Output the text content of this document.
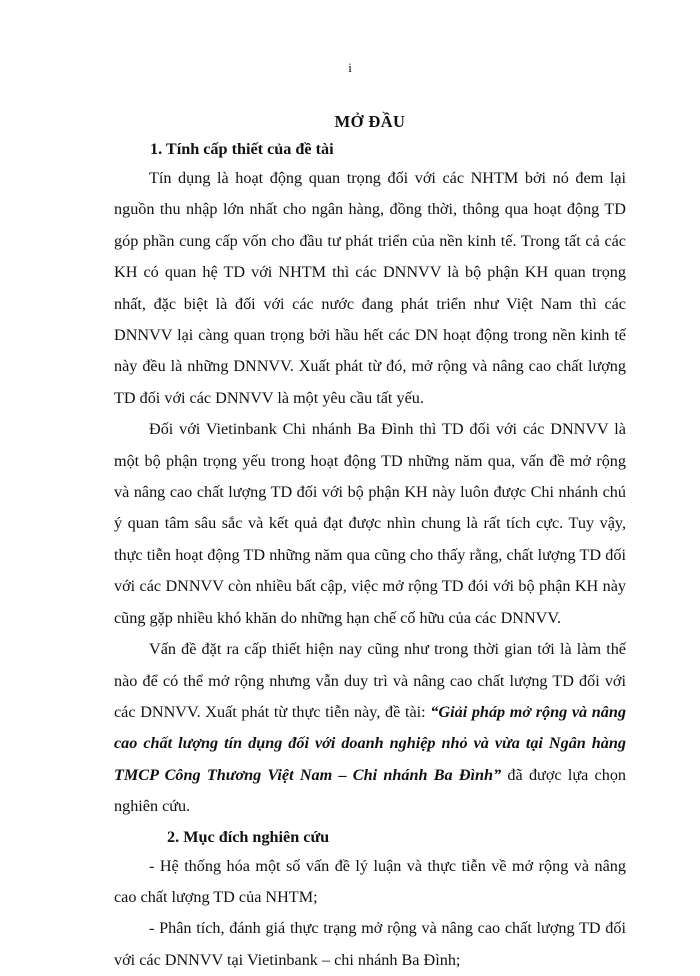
i
MỞ ĐẦU
1. Tính cấp thiết của đề tài

Tín dụng là hoạt động quan trọng đối với các NHTM bởi nó đem lại nguồn thu nhập lớn nhất cho ngân hàng, đồng thời, thông qua hoạt động TD góp phần cung cấp vốn cho đầu tư phát triển của nền kinh tế. Trong tất cả các KH có quan hệ TD với NHTM thì các DNNVV là bộ phận KH quan trọng nhất, đặc biệt là đối với các nước đang phát triển như Việt Nam thì các DNNVV lại càng quan trọng bởi hầu hết các DN hoạt động trong nền kinh tế này đều là những DNNVV. Xuất phát từ đó, mở rộng và nâng cao chất lượng TD đối với các DNNVV là một yêu cầu tất yếu.

Đối với Vietinbank Chi nhánh Ba Đình thì TD đối với các DNNVV là một bộ phận trọng yếu trong hoạt động TD những năm qua, vấn đề mở rộng và nâng cao chất lượng TD đối với bộ phận KH này luôn được Chi nhánh chú ý quan tâm sâu sắc và kết quả đạt được nhìn chung là rất tích cực. Tuy vậy, thực tiễn hoạt động TD những năm qua cũng cho thấy rằng, chất lượng TD đối với các DNNVV còn nhiều bất cập, việc mở rộng TD đói với bộ phận KH này cũng gặp nhiều khó khăn do những hạn chế cố hữu của các DNNVV.

Vấn đề đặt ra cấp thiết hiện nay cũng như trong thời gian tới là làm thế nào để có thể mở rộng nhưng vẫn duy trì và nâng cao chất lượng TD đối với các DNNVV. Xuất phát từ thực tiễn này, đề tài: “Giải pháp mở rộng và nâng cao chất lượng tín dụng đối với doanh nghiệp nhỏ và vừa tại Ngân hàng TMCP Công Thương Việt Nam – Chi nhánh Ba Đình” đã được lựa chọn nghiên cứu.

2. Mục đích nghiên cứu

- Hệ thống hóa một số vấn đề lý luận và thực tiễn về mở rộng và nâng cao chất lượng TD của NHTM;

- Phân tích, đánh giá thực trạng mở rộng và nâng cao chất lượng TD đối với các DNNVV tại Vietinbank – chi nhánh Ba Đình;
